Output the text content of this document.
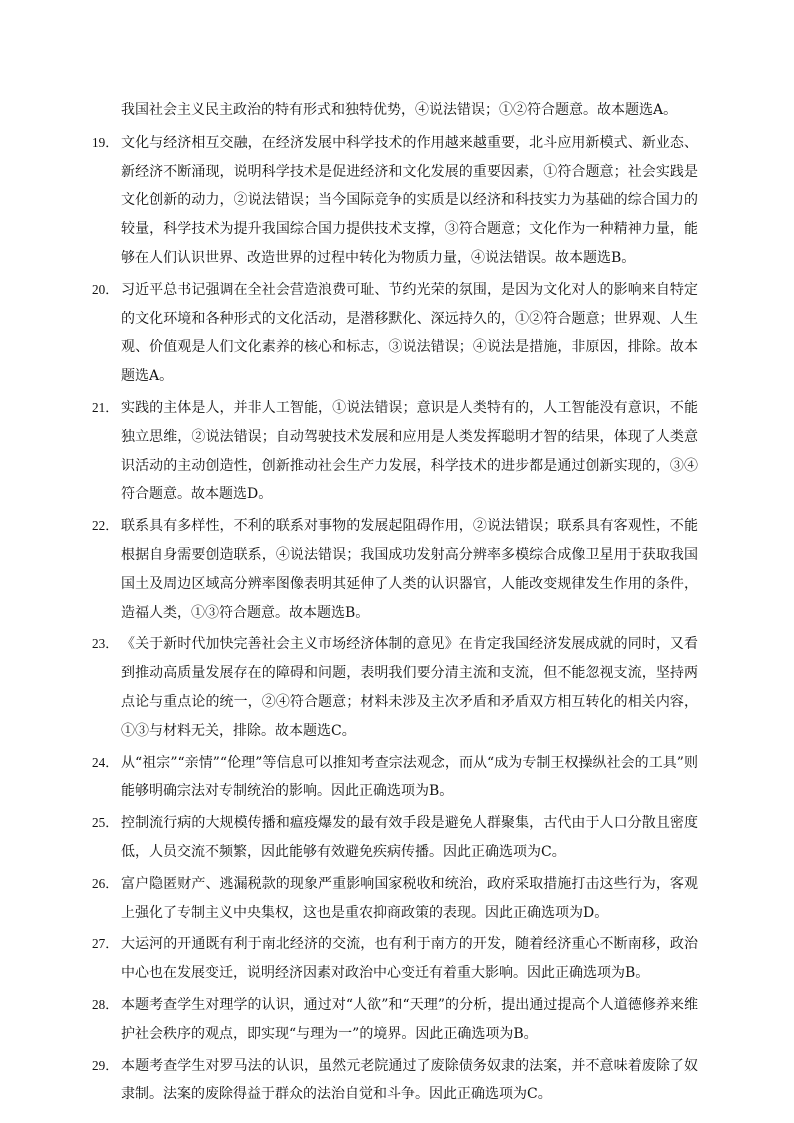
我国社会主义民主政治的特有形式和独特优势，④说法错误；①②符合题意。故本题选A。

19． 文化与经济相互交融，在经济发展中科学技术的作用越来越重要，北斗应用新模式、新业态、新经济不断涌现，说明科学技术是促进经济和文化发展的重要因素，①符合题意；社会实践是文化创新的动力，②说法错误；当今国际竞争的实质是以经济和科技实力为基础的综合国力的较量，科学技术为提升我国综合国力提供技术支撑，③符合题意；文化作为一种精神力量，能够在人们认识世界、改造世界的过程中转化为物质力量，④说法错误。故本题选B。
20． 习近平总书记强调在全社会营造浪费可耻、节约光荣的氛围，是因为文化对人的影响来自特定的文化环境和各种形式的文化活动，是潜移默化、深远持久的，①②符合题意；世界观、人生观、价值观是人们文化素养的核心和标志，③说法错误；④说法是措施，非原因，排除。故本题选A。
21． 实践的主体是人，并非人工智能，①说法错误；意识是人类特有的，人工智能没有意识，不能独立思维，②说法错误；自动驾驶技术发展和应用是人类发挥聪明才智的结果，体现了人类意识活动的主动创造性，创新推动社会生产力发展，科学技术的进步都是通过创新实现的，③④符合题意。故本题选D。
22． 联系具有多样性，不利的联系对事物的发展起阻碍作用，②说法错误；联系具有客观性，不能根据自身需要创造联系，④说法错误；我国成功发射高分辨率多模综合成像卫星用于获取我国国土及周边区域高分辨率图像表明其延伸了人类的认识器官，人能改变规律发生作用的条件，造福人类，①③符合题意。故本题选B。
23． 《关于新时代加快完善社会主义市场经济体制的意见》在肯定我国经济发展成就的同时，又看到推动高质量发展存在的障碍和问题，表明我们要分清主流和支流，但不能忽视支流，坚持两点论与重点论的统一，②④符合题意；材料未涉及主次矛盾和矛盾双方相互转化的相关内容，①③与材料无关，排除。故本题选C。
24． 从“祖宗”“亲情”“伦理”等信息可以推知考查宗法观念，而从“成为专制王权操纵社会的工具”则能够明确宗法对专制统治的影响。因此正确选项为B。
25． 控制流行病的大规模传播和瘟疫爆发的最有效手段是避免人群聚集，古代由于人口分散且密度低，人员交流不频繁，因此能够有效避免疾病传播。因此正确选项为C。
26． 富户隐匿财产、逃漏税款的现象严重影响国家税收和统治，政府采取措施打击这些行为，客观上强化了专制主义中央集权，这也是重农抑商政策的表现。因此正确选项为D。
27． 大运河的开通既有利于南北经济的交流，也有利于南方的开发，随着经济重心不断南移，政治中心也在发展变迁，说明经济因素对政治中心变迁有着重大影响。因此正确选项为B。
28． 本题考查学生对理学的认识，通过对“人欲”和“天理”的分析，提出通过提高个人道德修养来维护社会秩序的观点，即实现“与理为一”的境界。因此正确选项为B。
29． 本题考查学生对罗马法的认识，虽然元老院通过了废除债务奴隶的法案，并不意味着废除了奴隶制。法案的废除得益于群众的法治自觉和斗争。因此正确选项为C。
